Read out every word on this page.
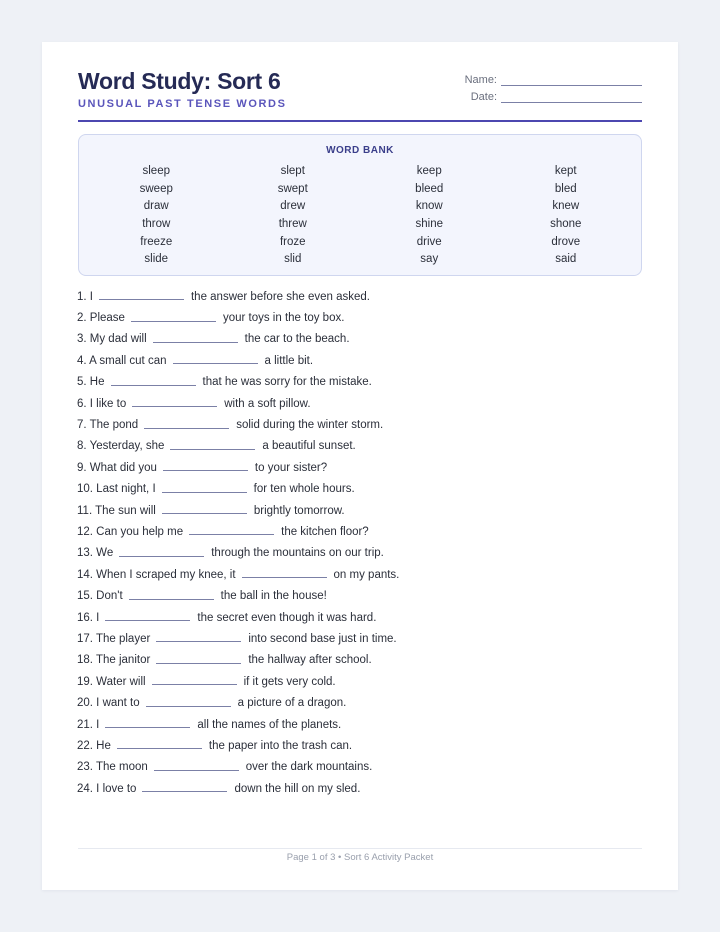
Word Study: Sort 6
UNUSUAL PAST TENSE WORDS
Name:
Date:
WORD BANK
sleep	slept	keep	kept
sweep	swept	bleed	bled
draw	drew	know	knew
throw	threw	shine	shone
freeze	froze	drive	drove
slide	slid	say	said
1. I	the answer before she even asked.
2. Please	your toys in the toy box.
3. My dad will	the car to the beach.
4. A small cut can	a little bit.
5. He	that he was sorry for the mistake.
6. I like to	with a soft pillow.
7. The pond	solid during the winter storm.
8. Yesterday, she	a beautiful sunset.
9. What did you	to your sister?
10. Last night, I	for ten whole hours.
11. The sun will	brightly tomorrow.
12. Can you help me	the kitchen floor?
13. We	through the mountains on our trip.
14. When I scraped my knee, it	on my pants.
15. Don't	the ball in the house!
16. I	the secret even though it was hard.
17. The player	into second base just in time.
18. The janitor	the hallway after school.
19. Water will	if it gets very cold.
20. I want to	a picture of a dragon.
21. I	all the names of the planets.
22. He	the paper into the trash can.
23. The moon	over the dark mountains.
24. I love to	down the hill on my sled.
Page 1 of 3 • Sort 6 Activity Packet
